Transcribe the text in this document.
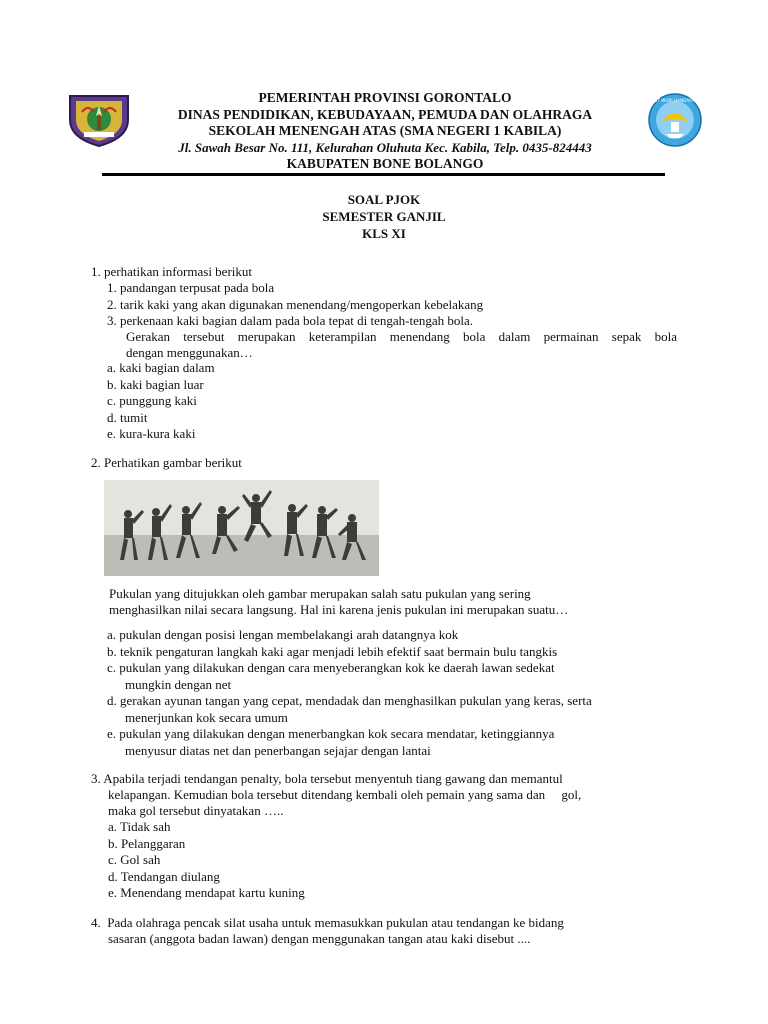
PEMERINTAH PROVINSI GORONTALO
DINAS PENDIDIKAN, KEBUDAYAAN, PEMUDA DAN OLAHRAGA
SEKOLAH MENENGAH ATAS (SMA NEGERI 1 KABILA)
Jl. Sawah Besar No. 111, Kelurahan Oluhuta Kec. Kabila, Telp. 0435-824443
KABUPATEN BONE BOLANGO
TUT WURI HANDAYANI
SOAL PJOK
SEMESTER GANJIL
KLS XI
1. perhatikan informasi berikut
1. pandangan terpusat pada bola
2. tarik kaki yang akan digunakan menendang/mengoperkan kebelakang
3. perkenaan kaki bagian dalam pada bola tepat di tengah-tengah bola.
Gerakan tersebut merupakan keterampilan menendang bola dalam permainan sepak bola
dengan menggunakan…
a. kaki bagian dalam
b. kaki bagian luar
c. punggung kaki
d. tumit
e. kura-kura kaki
2. Perhatikan gambar berikut
Pukulan yang ditujukkan oleh gambar merupakan salah satu pukulan yang sering
menghasilkan nilai secara langsung. Hal ini karena jenis pukulan ini merupakan suatu…
a. pukulan dengan posisi lengan membelakangi arah datangnya kok
b. teknik pengaturan langkah kaki agar menjadi lebih efektif saat bermain bulu tangkis
c. pukulan yang dilakukan dengan cara menyeberangkan kok ke daerah lawan sedekat
mungkin dengan net
d. gerakan ayunan tangan yang cepat, mendadak dan menghasilkan pukulan yang keras, serta
menerjunkan kok secara umum
e. pukulan yang dilakukan dengan menerbangkan kok secara mendatar, ketinggiannya
menyusur diatas net dan penerbangan sejajar dengan lantai
3. Apabila terjadi tendangan penalty, bola tersebut menyentuh tiang gawang dan memantul
kelapangan. Kemudian bola tersebut ditendang kembali oleh pemain yang sama dan     gol,
maka gol tersebut dinyatakan …..
a. Tidak sah
b. Pelanggaran
c. Gol sah
d. Tendangan diulang
e. Menendang mendapat kartu kuning
4.  Pada olahraga pencak silat usaha untuk memasukkan pukulan atau tendangan ke bidang
sasaran (anggota badan lawan) dengan menggunakan tangan atau kaki disebut ....
